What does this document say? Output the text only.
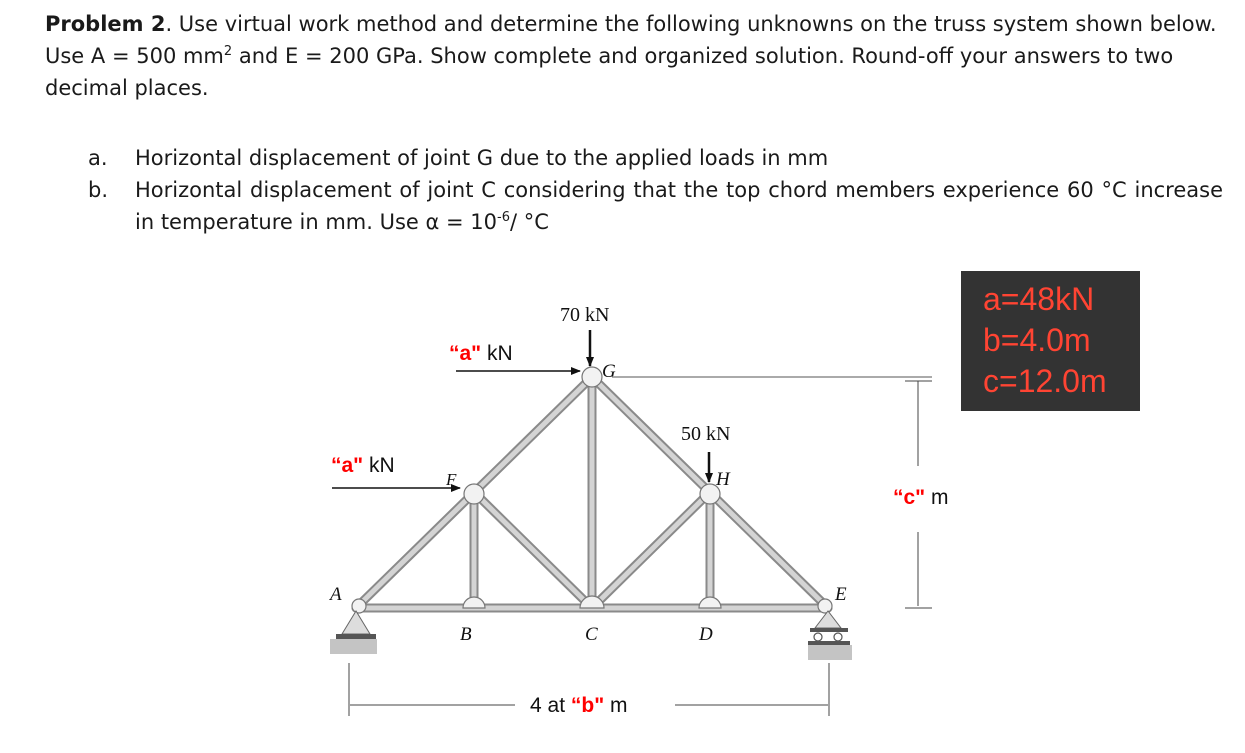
Problem 2. Use virtual work method and determine the following unknowns on the truss system shown below. Use A = 500 $mm^2$ and E = 200 GPa. Show complete and organized solution. Round-off your answers to two decimal places.

a. Horizontal displacement of joint G due to the applied loads in mm
b. Horizontal displacement of joint C considering that the top chord members experience 60 °C increase in temperature in mm. Use $\alpha = 10^{-6}/$ °C
a=48kN
b=4.0m
c=12.0m
A
B	C	D
E
F
G
H
70 kN
50 kN
“a" kN
“a" kN
“c" m
4 at “b" m
